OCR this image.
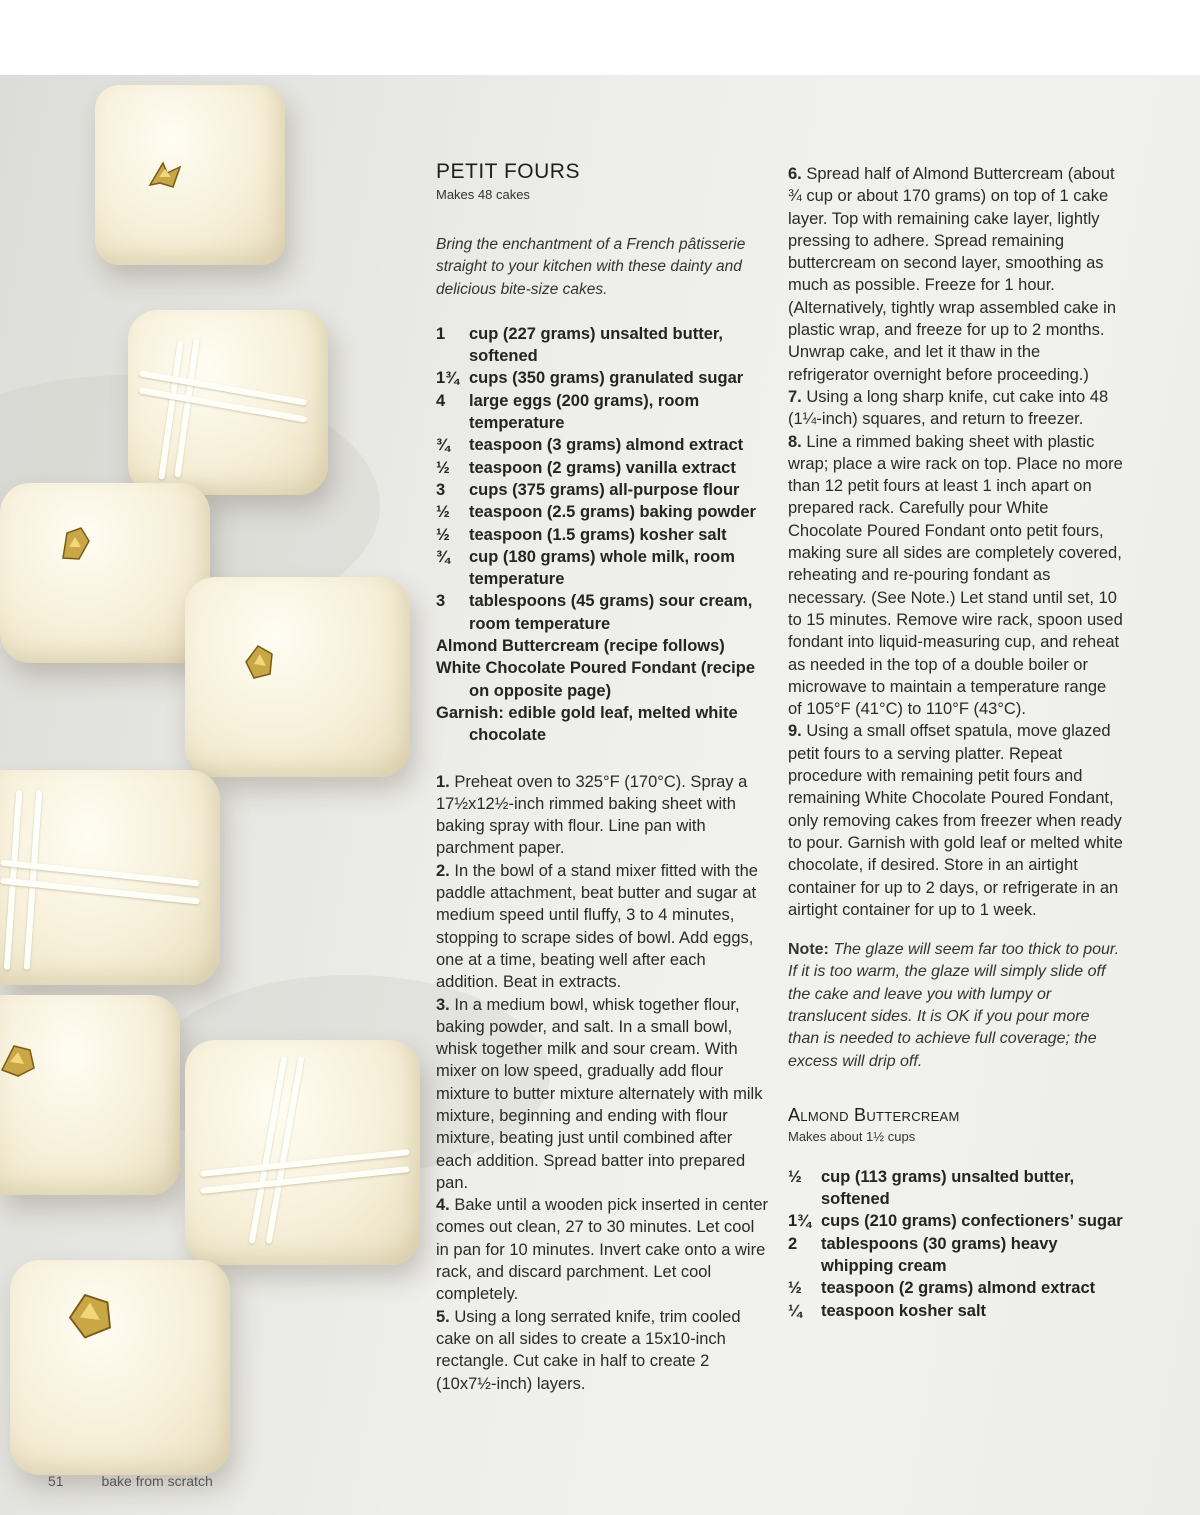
PETIT FOURS

Makes 48 cakes

Bring the enchantment of a French pâtisserie straight to your kitchen with these dainty and delicious bite-size cakes.

1	cup (227 grams) unsalted butter, softened
1¾ cups (350 grams) granulated sugar
4	large eggs (200 grams), room temperature
¾	teaspoon (3 grams) almond extract
½	teaspoon (2 grams) vanilla extract
3	cups (375 grams) all-purpose flour
½	teaspoon (2.5 grams) baking powder
½	teaspoon (1.5 grams) kosher salt
¾	cup (180 grams) whole milk, room temperature
3	tablespoons (45 grams) sour cream, room temperature
Almond Buttercream (recipe follows)
White Chocolate Poured Fondant (recipe on opposite page)
Garnish: edible gold leaf, melted white chocolate

1. Preheat oven to 325°F (170°C). Spray a 17½x12½-inch rimmed baking sheet with baking spray with flour. Line pan with parchment paper.

2. In the bowl of a stand mixer fitted with the paddle attachment, beat butter and sugar at medium speed until fluffy, 3 to 4 minutes, stopping to scrape sides of bowl. Add eggs, one at a time, beating well after each addition. Beat in extracts.

3. In a medium bowl, whisk together flour, baking powder, and salt. In a small bowl, whisk together milk and sour cream. With mixer on low speed, gradually add flour mixture to butter mixture alternately with milk mixture, beginning and ending with flour mixture, beating just until combined after each addition. Spread batter into prepared pan.

4. Bake until a wooden pick inserted in center comes out clean, 27 to 30 minutes. Let cool in pan for 10 minutes. Invert cake onto a wire rack, and discard parchment. Let cool completely.

5. Using a long serrated knife, trim cooled cake on all sides to create a 15x10-inch rectangle. Cut cake in half to create 2 (10x7½-inch) layers.

6. Spread half of Almond Buttercream (about ¾ cup or about 170 grams) on top of 1 cake layer. Top with remaining cake layer, lightly pressing to adhere. Spread remaining buttercream on second layer, smoothing as much as possible. Freeze for 1 hour. (Alternatively, tightly wrap assembled cake in plastic wrap, and freeze for up to 2 months. Unwrap cake, and let it thaw in the refrigerator overnight before proceeding.)

7. Using a long sharp knife, cut cake into 48 (1¼-inch) squares, and return to freezer.

8. Line a rimmed baking sheet with plastic wrap; place a wire rack on top. Place no more than 12 petit fours at least 1 inch apart on prepared rack. Carefully pour White Chocolate Poured Fondant onto petit fours, making sure all sides are completely covered, reheating and re-pouring fondant as necessary. (See Note.) Let stand until set, 10 to 15 minutes. Remove wire rack, spoon used fondant into liquid-measuring cup, and reheat as needed in the top of a double boiler or microwave to maintain a temperature range of 105°F (41°C) to 110°F (43°C).

9. Using a small offset spatula, move glazed petit fours to a serving platter. Repeat procedure with remaining petit fours and remaining White Chocolate Poured Fondant, only removing cakes from freezer when ready to pour. Garnish with gold leaf or melted white chocolate, if desired. Store in an airtight container for up to 2 days, or refrigerate in an airtight container for up to 1 week.

Note: The glaze will seem far too thick to pour. If it is too warm, the glaze will simply slide off the cake and leave you with lumpy or translucent sides. It is OK if you pour more than is needed to achieve full coverage; the excess will drip off.

Almond Buttercream

Makes about 1½ cups

½	cup (113 grams) unsalted butter, softened
1¾ cups (210 grams) confectioners’ sugar
2	tablespoons (30 grams) heavy whipping cream
½	teaspoon (2 grams) almond extract
¼	teaspoon kosher salt
51	bake from scratch
